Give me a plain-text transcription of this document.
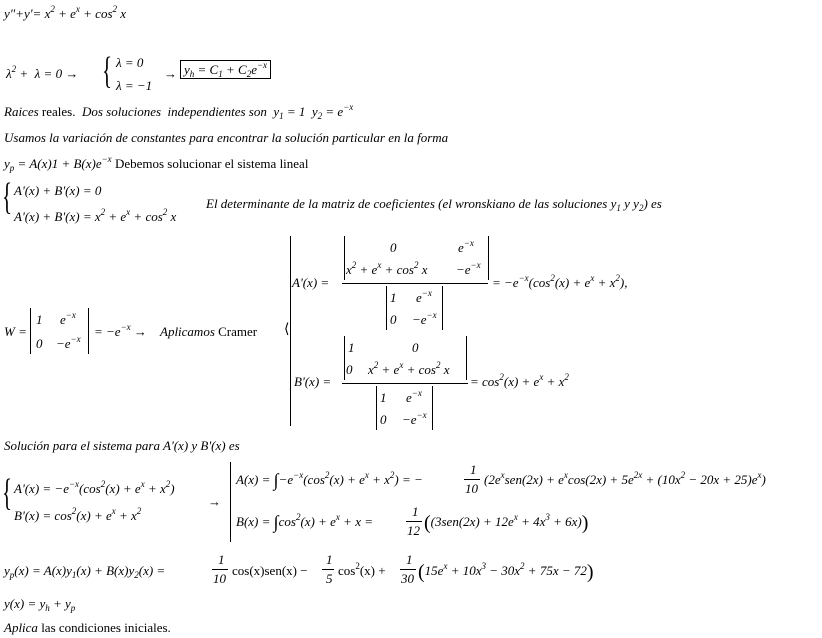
y"+y'= $x^2 + e^x + \cos^2 x$
$\lambda^2 + \lambda = 0$ → { λ = 0
λ = −1
→ $y_h = C_1 + C_2e^{-x}$
Raices reales.  Dos soluciones  independientes son  $y_1 = 1$  $y_2 = e^{-x}$
Usamos la variación de constantes para encontrar la solución particular en la forma
$y_p = A(x)1 + B(x)e^{-x}$ Debemos solucionar el sistema lineal
{ A'(x) + B'(x) = 0
$A'(x) + B'(x) = x^2 + e^x + \cos^2 x$
El determinante de la matriz de coeficientes (el wronskiano de las soluciones $y_1$ y $y_2$) es
W =
1 $e^{-x}$
$0 -e^{-x} = -e^{-x}$ → Aplicamos Cramer ⟨
A'(x) =
0	$e^{-x}$
$x^2 + e^x + \cos^2 x -e^{-x}$
1 $e^{-x}$
$0 -e^{-x}$
= $-e^{-x}(\cos^2(x) + e^x + x^2)$,
B'(x) =
1	0
0 $x^2 + e^x + \cos^2 x$
1 $e^{-x}$
$0 -e^{-x}$
= $\cos^2(x) + e^x + x^2$
Solución para el sistema para A'(x) y B'(x) es
{ $A'(x) = -e^{-x}(\cos^2(x) + e^x + x^2)$
$B'(x) = \cos^2(x) + e^x + x^2$
→
$A(x) = \int-e^{-x}(\cos^2(x) + e^x + x^2)$ = −
1
10
$(2e^xsen(2x) + e^x\cos(2x) + 5e^{2x} + (10x^2 - 20x + 25)e^x)$
$B(x) = \int\cos^2(x) + e^x + x$ =
1
12 $((3sen(2x) + 12e^x + 4x^3 + 6x))$
$y_p(x) = A(x)y_1(x) + B(x)y_2(x)$ =
1
10
cos(x)sen(x) −
1
5
$\cos^2(x)$ +
1
30 $(15e^x + 10x^3 - 30x^2 + 75x - 72)$
$y(x) = y_h + y_p$
Aplica las condiciones iniciales.
